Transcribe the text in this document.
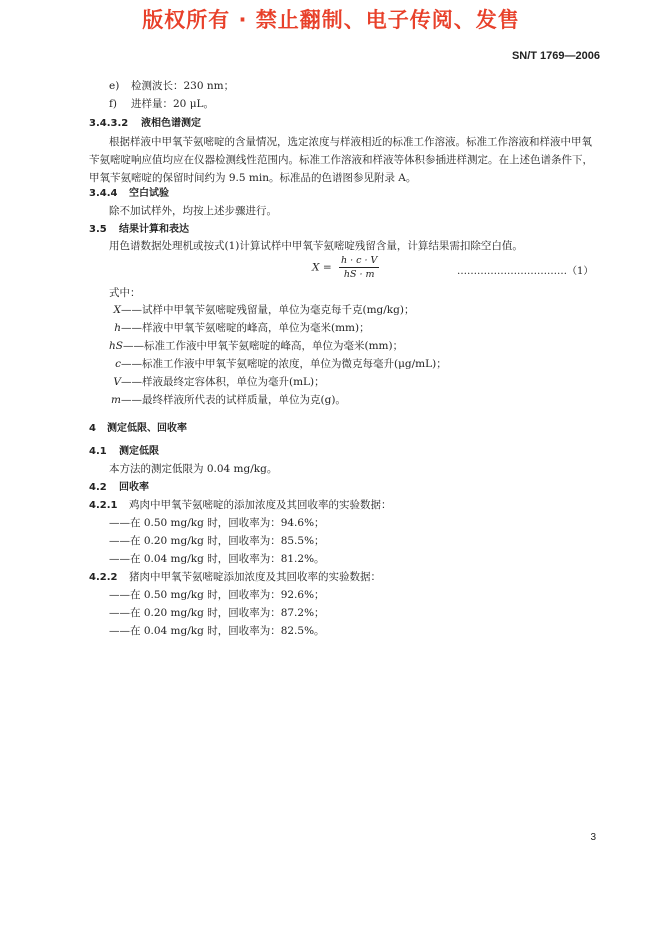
版权所有 · 禁止翻制、电子传阅、发售
SN/T 1769—2006
e) 检测波长：230 nm；
f) 进样量：20 μL。
3.4.3.2 液相色谱测定
根据样液中甲氧苄氨嘧啶的含量情况，选定浓度与样液相近的标准工作溶液。标准工作溶液和样液中甲氧苄氨嘧啶响应值均应在仪器检测线性范围内。标准工作溶液和样液等体积参插进样测定。在上述色谱条件下，甲氧苄氨嘧啶的保留时间约为 9.5 min。标准品的色谱图参见附录 A。
3.4.4 空白试验
除不加试样外，均按上述步骤进行。
3.5 结果计算和表达
用色谱数据处理机或按式(1)计算试样中甲氧苄氨嘧啶残留含量，计算结果需扣除空白值。
$X = \frac{h \cdot c \cdot V}{hS \cdot m}$	……………………………（1）
式中：
X——试样中甲氧苄氨嘧啶残留量，单位为毫克每千克(mg/kg)；
h——样液中甲氧苄氨嘧啶的峰高，单位为毫米(mm)；
hS——标准工作液中甲氧苄氨嘧啶的峰高，单位为毫米(mm)；
c——标准工作液中甲氧苄氨嘧啶的浓度，单位为微克每毫升(μg/mL)；
V——样液最终定容体积，单位为毫升(mL)；
m——最终样液所代表的试样质量，单位为克(g)。
4 测定低限、回收率
4.1 测定低限
本方法的测定低限为 0.04 mg/kg。
4.2 回收率
4.2.1 鸡肉中甲氧苄氨嘧啶的添加浓度及其回收率的实验数据：
——在 0.50 mg/kg 时，回收率为：94.6%；
——在 0.20 mg/kg 时，回收率为：85.5%；
——在 0.04 mg/kg 时，回收率为：81.2%。
4.2.2 猪肉中甲氧苄氨嘧啶添加浓度及其回收率的实验数据：
——在 0.50 mg/kg 时，回收率为：92.6%；
——在 0.20 mg/kg 时，回收率为：87.2%；
——在 0.04 mg/kg 时，回收率为：82.5%。
3
